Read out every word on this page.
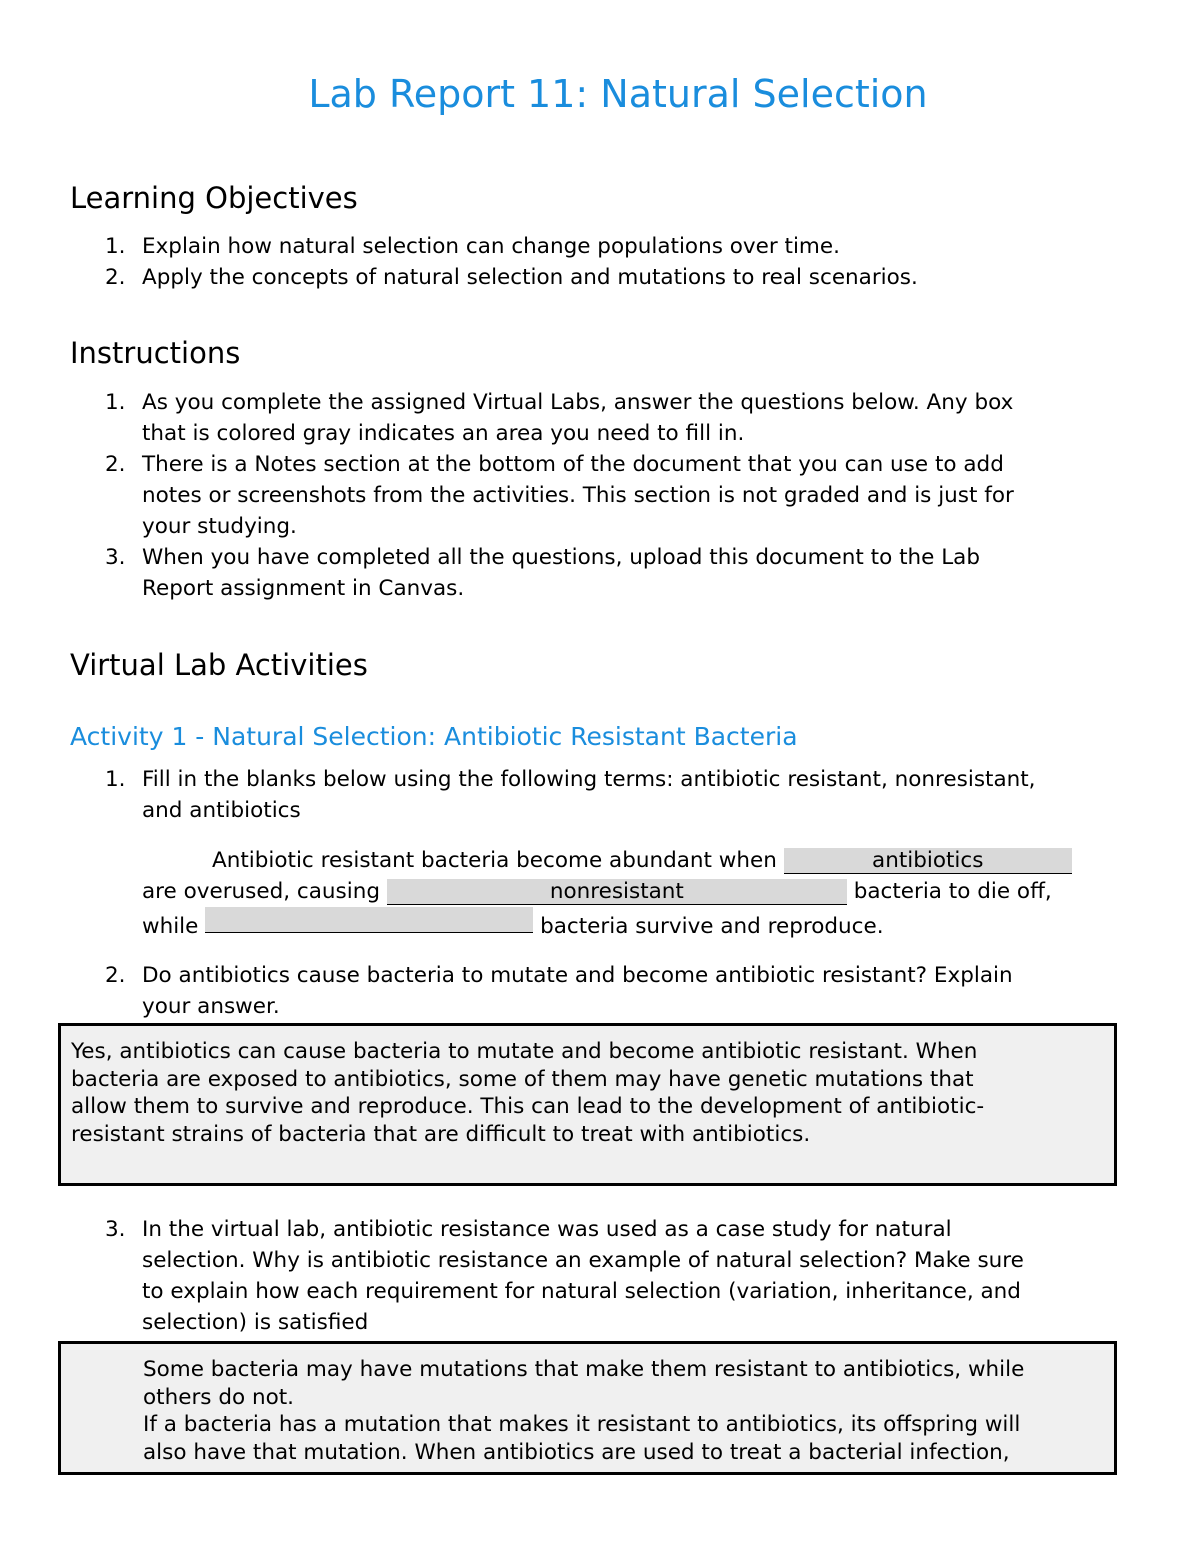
Lab Report 11: Natural Selection
Learning Objectives
1. Explain how natural selection can change populations over time.
2. Apply the concepts of natural selection and mutations to real scenarios.
Instructions
1. As you complete the assigned Virtual Labs, answer the questions below. Any box
that is colored gray indicates an area you need to fill in.
2. There is a Notes section at the bottom of the document that you can use to add
notes or screenshots from the activities. This section is not graded and is just for
your studying.
3. When you have completed all the questions, upload this document to the Lab
Report assignment in Canvas.
Virtual Lab Activities
Activity 1 - Natural Selection: Antibiotic Resistant Bacteria
1. Fill in the blanks below using the following terms: antibiotic resistant, nonresistant,
and antibiotics
Antibiotic resistant bacteria become abundant when	antibiotics
are overused, causing	nonresistant	bacteria to die off,
while	bacteria survive and reproduce.
2. Do antibiotics cause bacteria to mutate and become antibiotic resistant? Explain
your answer.

Yes, antibiotics can cause bacteria to mutate and become antibiotic resistant. When

bacteria are exposed to antibiotics, some of them may have genetic mutations that

allow them to survive and reproduce. This can lead to the development of antibiotic-

resistant strains of bacteria that are difficult to treat with antibiotics.

3. In the virtual lab, antibiotic resistance was used as a case study for natural
selection. Why is antibiotic resistance an example of natural selection? Make sure
to explain how each requirement for natural selection (variation, inheritance, and
selection) is satisfied

Some bacteria may have mutations that make them resistant to antibiotics, while

others do not.

If a bacteria has a mutation that makes it resistant to antibiotics, its offspring will

also have that mutation. When antibiotics are used to treat a bacterial infection,
